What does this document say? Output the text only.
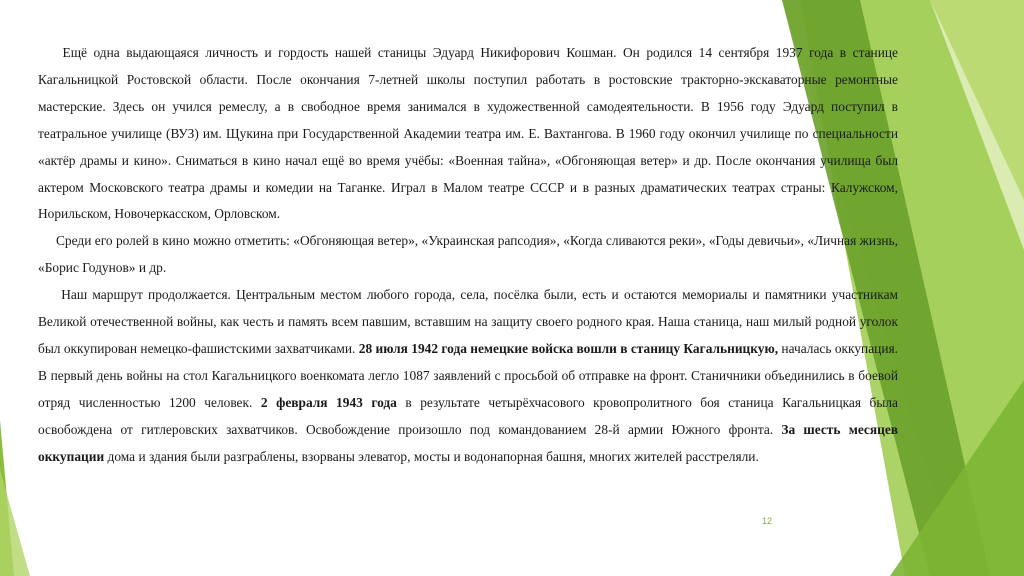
Ещё одна выдающаяся личность и гордость нашей станицы Эдуард Никифорович Кошман. Он родился 14 сентября 1937 года в станице Кагальницкой Ростовской области. После окончания 7-летней школы поступил работать в ростовские тракторно-экскаваторные ремонтные мастерские. Здесь он учился ремеслу, а в свободное время занимался в художественной самодеятельности. В 1956 году Эдуард поступил в театральное училище (ВУЗ) им. Щукина при Государственной Академии театра им. Е. Вахтангова. В 1960 году окончил училище по специальности «актёр драмы и кино». Сниматься в кино начал ещё во время учёбы: «Военная тайна», «Обгоняющая ветер» и др. После окончания училища был актером Московского театра драмы и комедии на Таганке. Играл в Малом театре СССР и в разных драматических театрах страны: Калужском, Норильском, Новочеркасском, Орловском.

Среди его ролей в кино можно отметить: «Обгоняющая ветер», «Украинская рапсодия», «Когда сливаются реки», «Годы девичьи», «Личная жизнь, «Борис Годунов» и др.

Наш маршрут продолжается. Центральным местом любого города, села, посёлка были, есть и остаются мемориалы и памятники участникам Великой отечественной войны, как честь и память всем павшим, вставшим на защиту своего родного края. Наша станица, наш милый родной уголок был оккупирован немецко-фашистскими захватчиками. 28 июля 1942 года немецкие войска вошли в станицу Кагальницкую, началась оккупация. В первый день войны на стол Кагальницкого военкомата легло 1087 заявлений с просьбой об отправке на фронт. Станичники объединились в боевой отряд численностью 1200 человек. 2 февраля 1943 года в результате четырёхчасового кровопролитного боя станица Кагальницкая была освобождена от гитлеровских захватчиков. Освобождение произошло под командованием 28-й армии Южного фронта. За шесть месяцев оккупации дома и здания были разграблены, взорваны элеватор, мосты и водонапорная башня, многих жителей расстреляли.

12
